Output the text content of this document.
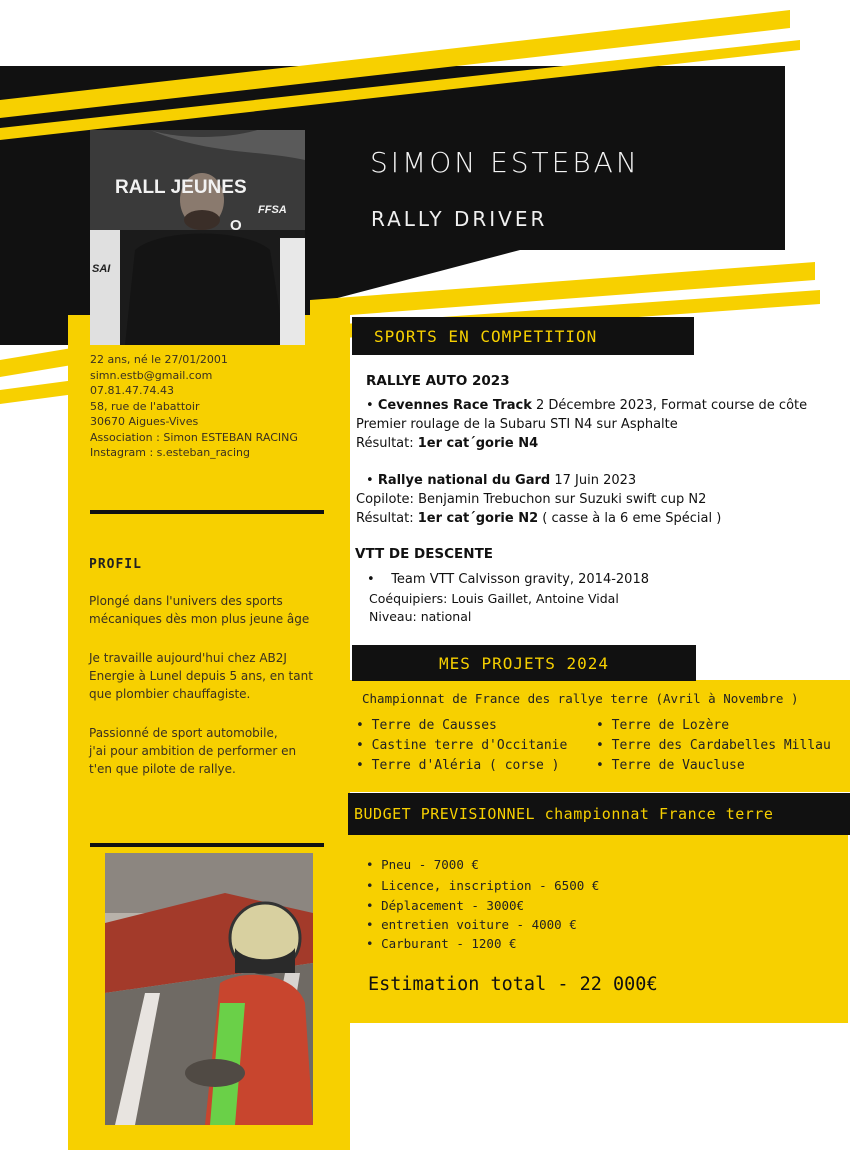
SIMON ESTEBAN
RALLY DRIVER
RALL JEUNES
FFSA
O
SAI
22 ans, né le 27/01/2001
simn.estb@gmail.com
07.81.47.74.43
58, rue de l'abattoir
30670 Aigues-Vives
Association : Simon ESTEBAN RACING
Instagram : s.esteban_racing
PROFIL
Plongé dans l'univers des sports
mécaniques dès mon plus jeune âge
Je travaille aujourd'hui chez AB2J
Energie à Lunel depuis 5 ans, en tant
que plombier chauffagiste.
Passionné de sport automobile,
j'ai pour ambition de performer en
t'en que pilote de rallye.
SPORTS EN COMPETITION
RALLYE AUTO 2023
• Cevennes Race Track 2 Décembre 2023, Format course de côte
Premier roulage de la Subaru STI N4 sur Asphalte
Résultat: 1er cat´gorie N4
• Rallye national du Gard 17 Juin 2023
Copilote: Benjamin Trebuchon sur Suzuki swift cup N2
Résultat: 1er cat´gorie N2 ( casse à la 6 eme Spécial )
VTT DE DESCENTE
• Team VTT Calvisson gravity, 2014-2018
Coéquipiers: Louis Gaillet, Antoine Vidal
Niveau: national
MES PROJETS 2024
Championnat de France des rallye terre (Avril à Novembre )
• Terre de Causses
• Castine terre d'Occitanie
• Terre d'Aléria ( corse )
• Terre de Lozère
• Terre des Cardabelles Millau
• Terre de Vaucluse
BUDGET PREVISIONNEL championnat France terre
• Pneu - 7000 €
• Licence, inscription - 6500 €
• Déplacement - 3000€
• entretien voiture - 4000 €
• Carburant - 1200 €
Estimation total - 22 000€
